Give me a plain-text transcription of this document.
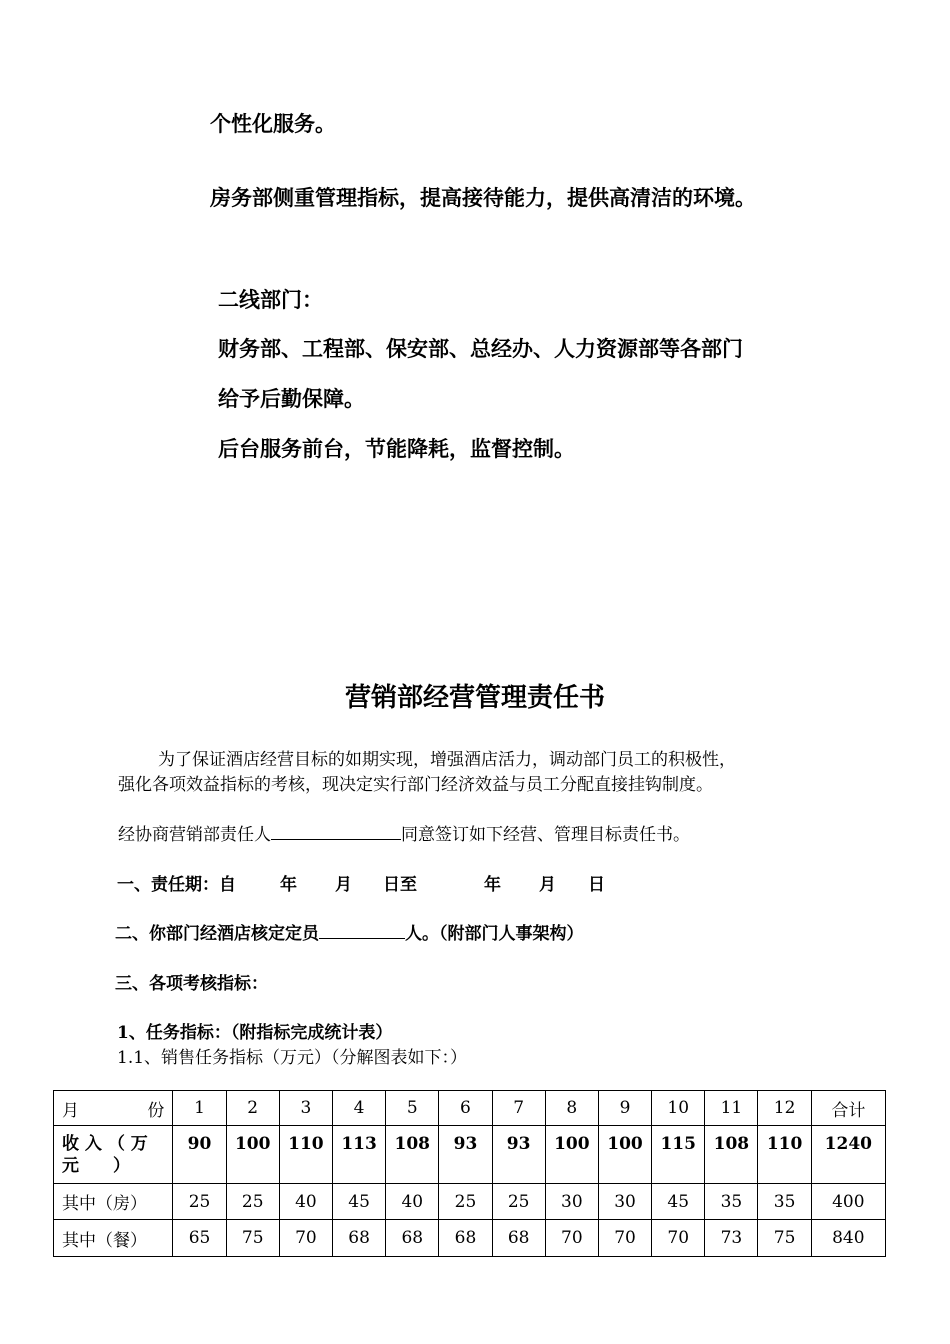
个性化服务。
房务部侧重管理指标，提高接待能力，提供高清洁的环境。
二线部门：
财务部、工程部、保安部、总经办、人力资源部等各部门
给予后勤保障。
后台服务前台，节能降耗，监督控制。
营销部经营管理责任书
为了保证酒店经营目标的如期实现，增强酒店活力，调动部门员工的积极性，
强化各项效益指标的考核，现决定实行部门经济效益与员工分配直接挂钩制度。
经协商营销部责任人	同意签订如下经营、管理目标责任书。
一、责任期：自	年 月 日至	年 月 日
二、你部门经酒店核定定员	人。（附部门人事架构）
三、各项考核指标：
1、任务指标：（附指标完成统计表）
1.1、销售任务指标（万元）（分解图表如下：）
月 份	1	2	3	4	5	6	7	8	9	10	11	12	合计

收 入 （ 万
元　　）	90	100	110	113	108	93	93	100	100	115	108	110	1240
其中（房）	25	25	40	45	40	25	25	30	30	45	35	35	400
其中（餐）	65	75	70	68	68	68	68	70	70	70	73	75	840
